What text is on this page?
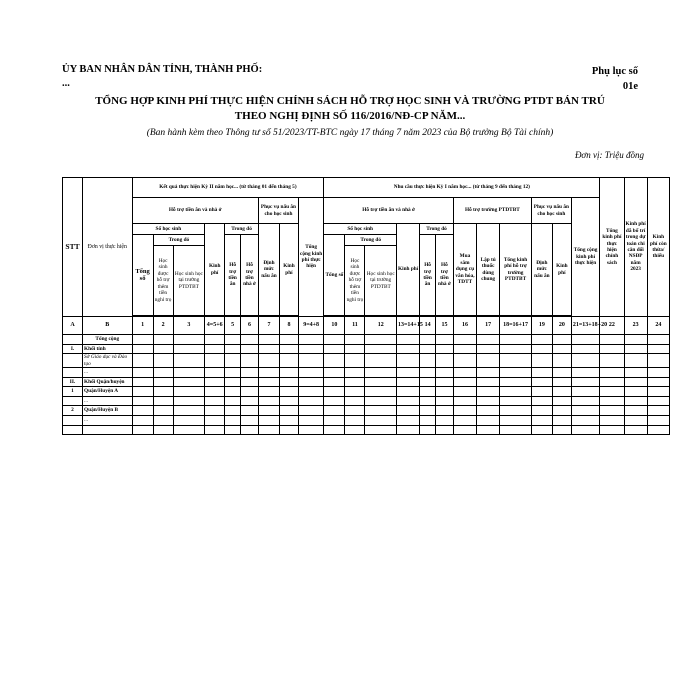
ỦY BAN NHÂN DÂN TỈNH, THÀNH PHỐ:
...
Phụ lục số
01e
TỔNG HỢP KINH PHÍ THỰC HIỆN CHÍNH SÁCH HỖ TRỢ HỌC SINH VÀ TRƯỜNG PTDT BÁN TRÚ
THEO NGHỊ ĐỊNH SỐ 116/2016/NĐ-CP NĂM...
(Ban hành kèm theo Thông tư số 51/2023/TT-BTC ngày 17 tháng 7 năm 2023 của Bộ trưởng Bộ Tài chính)
Đơn vị: Triệu đồng
STT	Đơn vị thực hiện	Kết quả thực hiện Kỳ II năm học... (từ tháng 01 đến tháng 5)									Nhu cầu thực hiện Kỳ I năm học... (từ tháng 9 đến tháng 12)												Tổng kinh phí thực hiện chính sách	Kinh phí đã bố trí trong dự toán chi cân đối NSĐP năm 2023	Kinh phí còn thừa/ thiếu
		Hỗ trợ tiền ăn và nhà ở						Phục vụ nấu ăn cho học sinh		Tổng cộng kinh phí thực hiện	Hỗ trợ tiền ăn và nhà ở						Hỗ trợ trường PTDTBT			Phục vụ nấu ăn cho học sinh		Tổng cộng kinh phí thực hiện			
		Số học sinh			Kinh phí	Trong đó		Định mức nấu ăn	Kinh phí		Số học sinh			Kinh phí	Trong đó		Mua sắm dụng cụ văn hóa, TDTT	Lập tủ thuốc dùng chung	Tổng kinh phí hỗ trợ trường PTDTBT	Định mức nấu ăn	Kinh phí				
		Tổng số	Trong đó			Hỗ trợ tiền ăn	Hỗ trợ tiền nhà ở				Tổng số	Trong đó			Hỗ trợ tiền ăn	Hỗ trợ tiền nhà ở									
			Học sinh được hỗ trợ thêm tiền nghỉ trọ	Học sinh học tại trường PTDTBT								Học sinh được hỗ trợ thêm tiền nghỉ trọ	Học sinh học tại trường PTDTBT												

A	B	1	2	3	4=5+6	5	6	7	8	9=4+8	10	11	12	13=14+15	14	15	16	17	18=16+17	19	20	21=13+18+20	22	23	24
	Tổng cộng																								
I.	Khối tỉnh																								
	Sở Giáo dục và Đào tạo																								
	...																								
II.	Khối Quận/huyện																								
1	Quận/Huyện A																								
	...																								
2	Quận/Huyện B																								
	...																								
